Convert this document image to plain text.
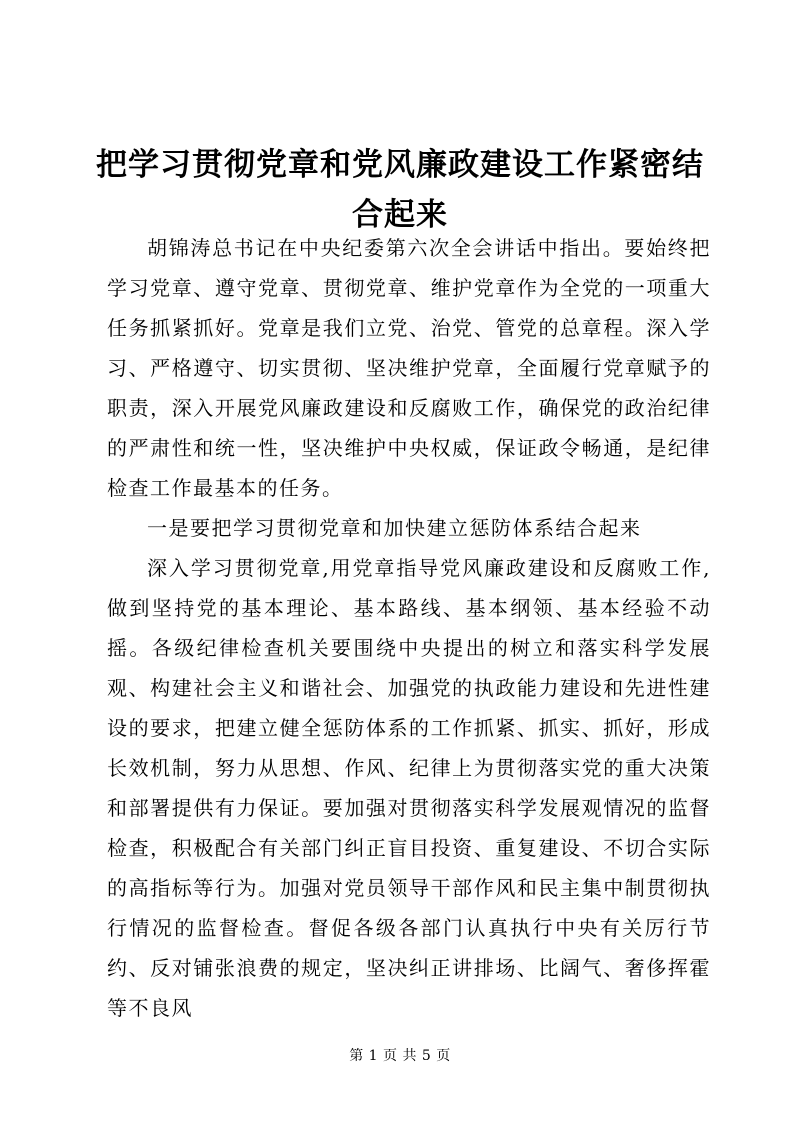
把学习贯彻党章和党风廉政建设工作紧密结合起来

胡锦涛总书记在中央纪委第六次全会讲话中指出。要始终把学习党章、遵守党章、贯彻党章、维护党章作为全党的一项重大任务抓紧抓好。党章是我们立党、治党、管党的总章程。深入学习、严格遵守、切实贯彻、坚决维护党章，全面履行党章赋予的职责，深入开展党风廉政建设和反腐败工作，确保党的政治纪律的严肃性和统一性，坚决维护中央权威，保证政令畅通，是纪律检查工作最基本的任务。

一是要把学习贯彻党章和加快建立惩防体系结合起来

深入学习贯彻党章,用党章指导党风廉政建设和反腐败工作,做到坚持党的基本理论、基本路线、基本纲领、基本经验不动摇。各级纪律检查机关要围绕中央提出的树立和落实科学发展观、构建社会主义和谐社会、加强党的执政能力建设和先进性建设的要求，把建立健全惩防体系的工作抓紧、抓实、抓好，形成长效机制，努力从思想、作风、纪律上为贯彻落实党的重大决策和部署提供有力保证。要加强对贯彻落实科学发展观情况的监督检查，积极配合有关部门纠正盲目投资、重复建设、不切合实际的高指标等行为。加强对党员领导干部作风和民主集中制贯彻执行情况的监督检查。督促各级各部门认真执行中央有关厉行节约、反对铺张浪费的规定，坚决纠正讲排场、比阔气、奢侈挥霍等不良风

第 1 页 共 5 页
